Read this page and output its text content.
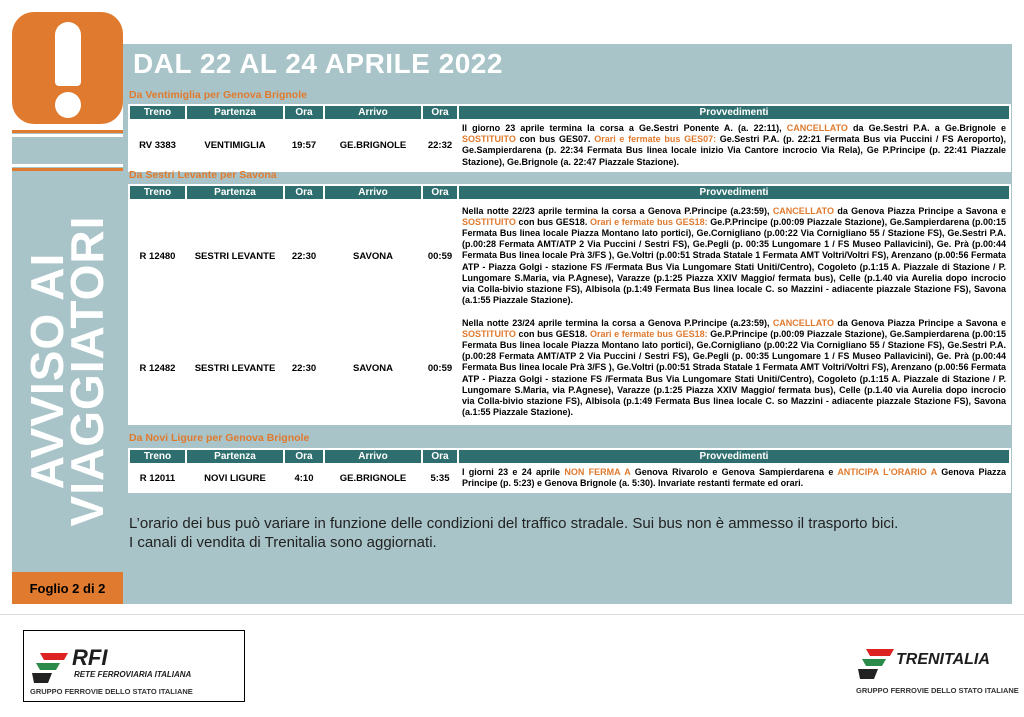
AVVISO AI
VIAGGIATORI
Foglio 2 di 2
DAL 22 AL 24 APRILE 2022
Da Ventimiglia per Genova Brignole
Treno	Partenza	Ora	Arrivo	Ora	Provvedimenti
RV 3383	VENTIMIGLIA	19:57	GE.BRIGNOLE	22:32	Il giorno 23 aprile termina la corsa a Ge.Sestri Ponente A. (a. 22:11), CANCELLATO da Ge.Sestri P.A. a Ge.Brignole e SOSTITUITO con bus GES07. Orari e fermate bus GES07: Ge.Sestri P.A. (p. 22:21 Fermata Bus via Puccini / FS Aeroporto), Ge.Sampierdarena (p. 22:34 Fermata Bus linea locale inizio Via Cantore incrocio Via Rela), Ge P.Principe (p. 22:41 Piazzale Stazione), Ge.Brignole (a. 22:47 Piazzale Stazione).
Da Sestri Levante per Savona
Treno	Partenza	Ora	Arrivo	Ora	Provvedimenti
R 12480	SESTRI LEVANTE	22:30	SAVONA	00:59	Nella notte 22/23 aprile termina la corsa a Genova P.Principe (a.23:59), CANCELLATO da Genova Piazza Principe a Savona e SOSTITUITO con bus GES18. Orari e fermate bus GES18: Ge.P.Principe (p.00:09 Piazzale Stazione), Ge.Sampierdarena (p.00:15 Fermata Bus linea locale Piazza Montano lato portici), Ge.Cornigliano (p.00:22 Via Cornigliano 55 / Stazione FS), Ge.Sestri P.A. (p.00:28 Fermata AMT/ATP 2 Via Puccini / Sestri FS), Ge.Pegli (p. 00:35 Lungomare 1 / FS Museo Pallavicini), Ge. Prà (p.00:44 Fermata Bus linea locale Prà 3/FS ), Ge.Voltri (p.00:51 Strada Statale 1 Fermata AMT Voltri/Voltri FS), Arenzano (p.00:56 Fermata ATP - Piazza Golgi - stazione FS /Fermata Bus Via Lungomare Stati Uniti/Centro), Cogoleto (p.1:15 A. Piazzale di Stazione / P. Lungomare S.Maria, via P.Agnese), Varazze (p.1:25 Piazza XXIV Maggio/ fermata bus), Celle (p.1.40 via Aurelia dopo incrocio via Colla-bivio stazione FS), Albisola (p.1:49 Fermata Bus linea locale C. so Mazzini - adiacente piazzale Stazione FS), Savona (a.1:55 Piazzale Stazione).
R 12482	SESTRI LEVANTE	22:30	SAVONA	00:59	Nella notte 23/24 aprile termina la corsa a Genova P.Principe (a.23:59), CANCELLATO da Genova Piazza Principe a Savona e SOSTITUITO con bus GES18. Orari e fermate bus GES18: Ge.P.Principe (p.00:09 Piazzale Stazione), Ge.Sampierdarena (p.00:15 Fermata Bus linea locale Piazza Montano lato portici), Ge.Cornigliano (p.00:22 Via Cornigliano 55 / Stazione FS), Ge.Sestri P.A. (p.00:28 Fermata AMT/ATP 2 Via Puccini / Sestri FS), Ge.Pegli (p. 00:35 Lungomare 1 / FS Museo Pallavicini), Ge. Prà (p.00:44 Fermata Bus linea locale Prà 3/FS ), Ge.Voltri (p.00:51 Strada Statale 1 Fermata AMT Voltri/Voltri FS), Arenzano (p.00:56 Fermata ATP - Piazza Golgi - stazione FS /Fermata Bus Via Lungomare Stati Uniti/Centro), Cogoleto (p.1:15 A. Piazzale di Stazione / P. Lungomare S.Maria, via P.Agnese), Varazze (p.1:25 Piazza XXIV Maggio/ fermata bus), Celle (p.1.40 via Aurelia dopo incrocio via Colla-bivio stazione FS), Albisola (p.1:49 Fermata Bus linea locale C. so Mazzini - adiacente piazzale Stazione FS), Savona (a.1:55 Piazzale Stazione).
Da Novi Ligure per Genova Brignole
Treno	Partenza	Ora	Arrivo	Ora	Provvedimenti
R 12011	NOVI LIGURE	4:10	GE.BRIGNOLE	5:35	I giorni 23 e 24 aprile NON FERMA A Genova Rivarolo e Genova Sampierdarena e ANTICIPA L'ORARIO A Genova Piazza Principe (p. 5:23) e Genova Brignole (a. 5:30). Invariate restanti fermate ed orari.

L’orario dei bus può variare in funzione delle condizioni del traffico stradale. Sui bus non è ammesso il trasporto bici.

I canali di vendita di Trenitalia sono aggiornati.

RFI
RETE FERROVIARIA ITALIANA
GRUPPO FERROVIE DELLO STATO ITALIANE
TRENITALIA
GRUPPO FERROVIE DELLO STATO ITALIANE
